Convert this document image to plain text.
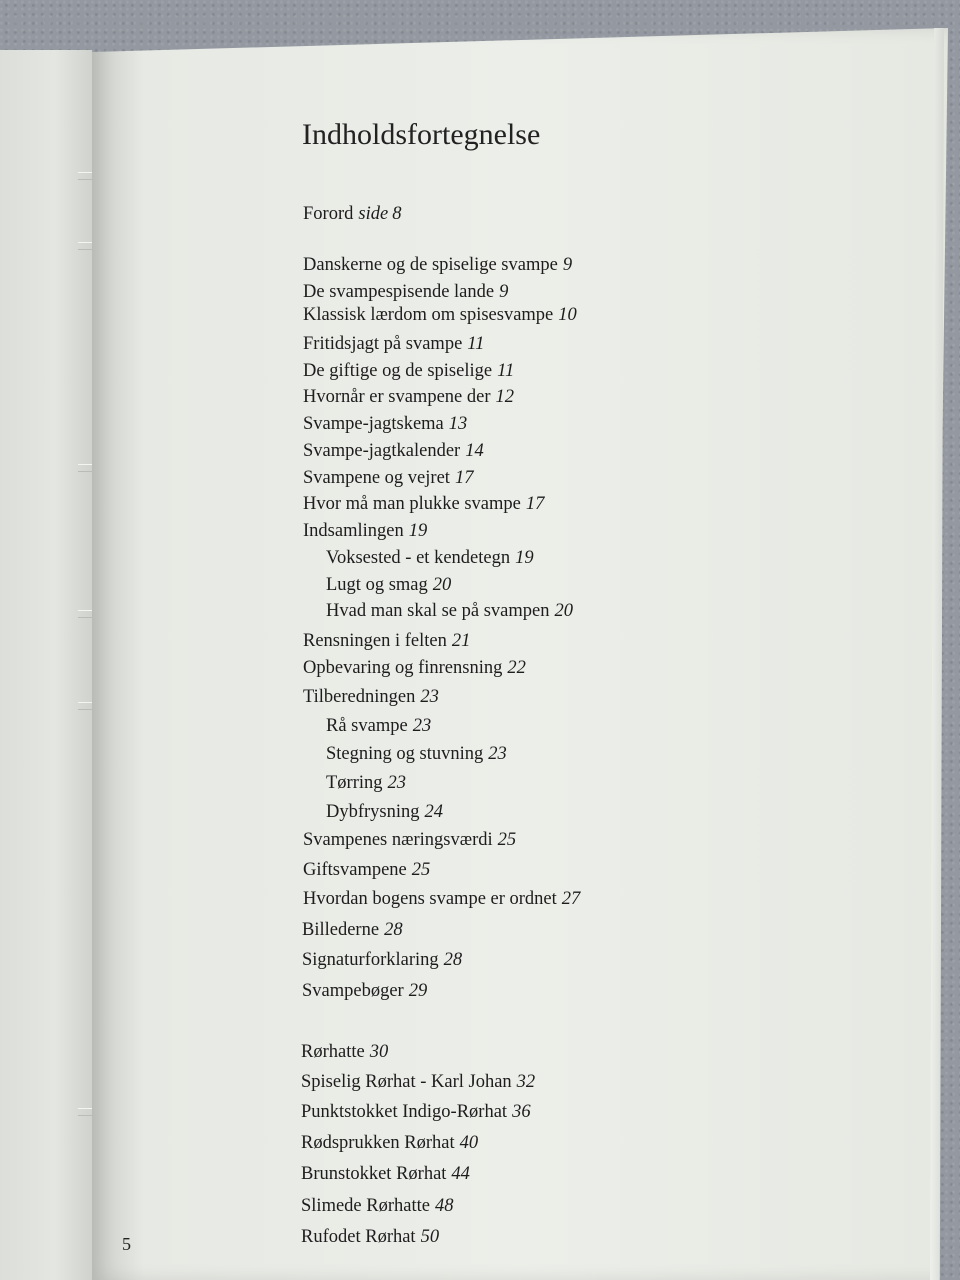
Indholdsfortegnelse
Forord side 8
Danskerne og de spiselige svampe 9
De svampespisende lande 9
Klassisk lærdom om spisesvampe 10
Fritidsjagt på svampe 11
De giftige og de spiselige 11
Hvornår er svampene der 12
Svampe-jagtskema 13
Svampe-jagtkalender 14
Svampene og vejret 17
Hvor må man plukke svampe 17
Indsamlingen 19
Voksested - et kendetegn 19
Lugt og smag 20
Hvad man skal se på svampen 20
Rensningen i felten 21
Opbevaring og finrensning 22
Tilberedningen 23
Rå svampe 23
Stegning og stuvning 23
Tørring 23
Dybfrysning 24
Svampenes næringsværdi 25
Giftsvampene 25
Hvordan bogens svampe er ordnet 27
Billederne 28
Signaturforklaring 28
Svampebøger 29
Rørhatte 30
Spiselig Rørhat - Karl Johan 32
Punktstokket Indigo-Rørhat 36
Rødsprukken Rørhat 40
Brunstokket Rørhat 44
Slimede Rørhatte 48
Rufodet Rørhat 50
5
